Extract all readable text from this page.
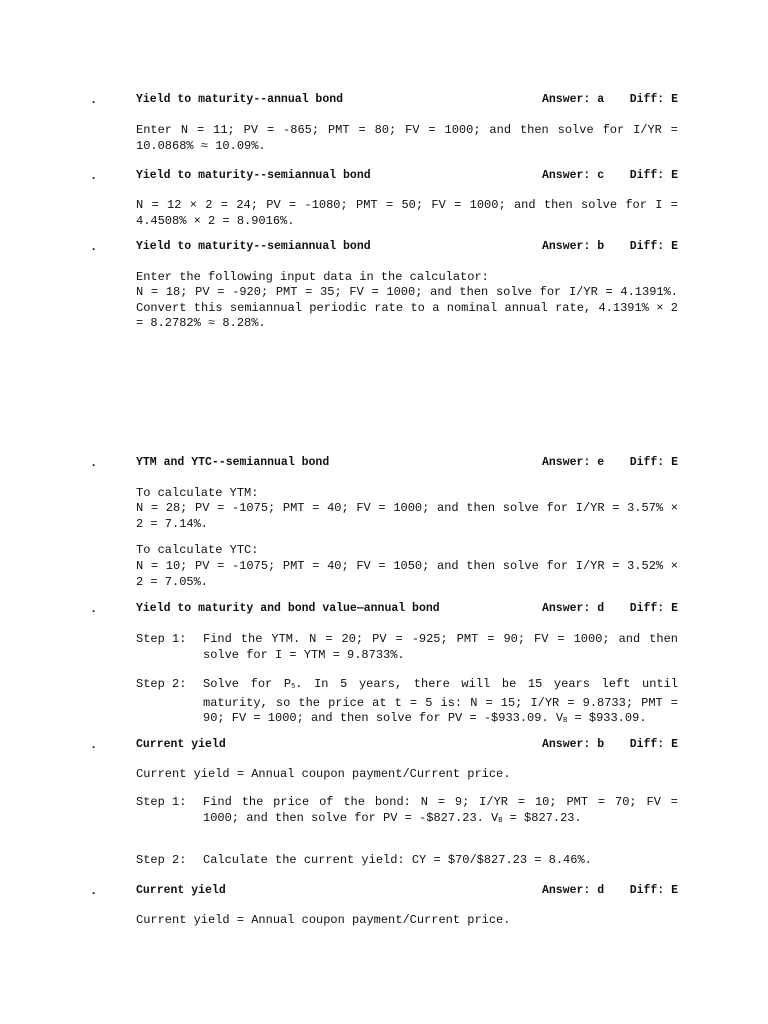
.	Yield to maturity--annual bond	Answer: a Diff: E
Enter N = 11; PV = -865; PMT = 80; FV = 1000; and then solve for I/YR = 10.0868% ≈ 10.09%.
.	Yield to maturity--semiannual bond	Answer: c Diff: E
N = 12 × 2 = 24; PV = -1080; PMT = 50; FV = 1000; and then solve for I = 4.4508% × 2 = 8.9016%.
.	Yield to maturity--semiannual bond	Answer: b Diff: E
Enter the following input data in the calculator:
N = 18; PV = -920; PMT = 35; FV = 1000; and then solve for I/YR = 4.1391%. Convert this semiannual periodic rate to a nominal annual rate, 4.1391% × 2 = 8.2782% ≈ 8.28%.
.	YTM and YTC--semiannual bond	Answer: e Diff: E
To calculate YTM:
N = 28; PV = -1075; PMT = 40; FV = 1000; and then solve for I/YR = 3.57% × 2 = 7.14%.
To calculate YTC:
N = 10; PV = -1075; PMT = 40; FV = 1050; and then solve for I/YR = 3.52% × 2 = 7.05%.
.	Yield to maturity and bond value—annual bond	Answer: d Diff: E
Step 1: Find the YTM. N = 20; PV = -925; PMT = 90; FV = 1000; and then solve for I = YTM = 9.8733%.
Step 2: Solve for $P_5$. In 5 years, there will be 15 years left until maturity, so the price at t = 5 is: N = 15; I/YR = 9.8733; PMT = 90; FV = 1000; and then solve for PV = -$933.09. $V_B$ = $933.09.
.	Current yield	Answer: b Diff: E
Current yield = Annual coupon payment/Current price.
Step 1: Find the price of the bond: N = 9; I/YR = 10; PMT = 70; FV = 1000; and then solve for PV = -$827.23. $V_B$ = $827.23.
Step 2: Calculate the current yield: CY = $70/$827.23 = 8.46%.
.	Current yield	Answer: d Diff: E
Current yield = Annual coupon payment/Current price.
